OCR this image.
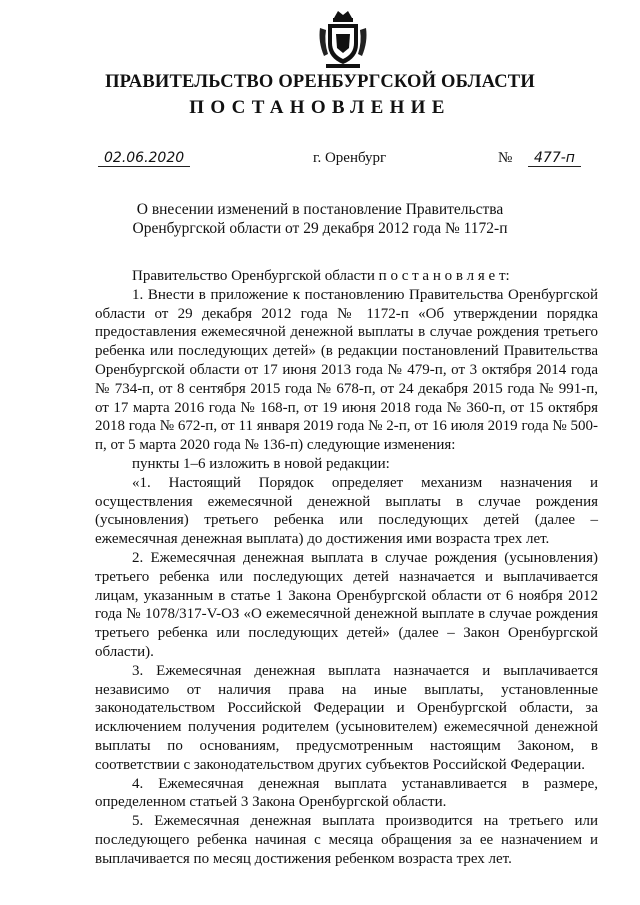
ПРАВИТЕЛЬСТВО ОРЕНБУРГСКОЙ ОБЛАСТИ
ПОСТАНОВЛЕНИЕ
02.06.2020	г. Оренбург	№	477-п
О внесении изменений в постановление Правительства
Оренбургской области от 29 декабря 2012 года № 1172-п

Правительство Оренбургской области п о с т а н о в л я е т:

1. Внести в приложение к постановлению Правительства Оренбургской области от 29 декабря 2012 года № 1172-п «Об утверждении порядка предоставления ежемесячной денежной выплаты в случае рождения третьего ребенка или последующих детей» (в редакции постановлений Правительства Оренбургской области от 17 июня 2013 года № 479-п, от 3 октября 2014 года № 734-п, от 8 сентября 2015 года № 678-п, от 24 декабря 2015 года № 991-п, от 17 марта 2016 года № 168-п, от 19 июня 2018 года № 360-п, от 15 октября 2018 года № 672-п, от 11 января 2019 года № 2-п, от 16 июля 2019 года № 500-п, от 5 марта 2020 года № 136-п) следующие изменения:

пункты 1–6 изложить в новой редакции:

«1. Настоящий Порядок определяет механизм назначения и осуществления ежемесячной денежной выплаты в случае рождения (усыновления) третьего ребенка или последующих детей (далее – ежемесячная денежная выплата) до достижения ими возраста трех лет.

2. Ежемесячная денежная выплата в случае рождения (усыновления) третьего ребенка или последующих детей назначается и выплачивается лицам, указанным в статье 1 Закона Оренбургской области от 6 ноября 2012 года № 1078/317-V-ОЗ «О ежемесячной денежной выплате в случае рождения третьего ребенка или последующих детей» (далее – Закон Оренбургской области).

3. Ежемесячная денежная выплата назначается и выплачивается независимо от наличия права на иные выплаты, установленные законодательством Российской Федерации и Оренбургской области, за исключением получения родителем (усыновителем) ежемесячной денежной выплаты по основаниям, предусмотренным настоящим Законом, в соответствии с законодательством других субъектов Российской Федерации.

4. Ежемесячная денежная выплата устанавливается в размере, определенном статьей 3 Закона Оренбургской области.

5. Ежемесячная денежная выплата производится на третьего или последующего ребенка начиная с месяца обращения за ее назначением и выплачивается по месяц достижения ребенком возраста трех лет.
